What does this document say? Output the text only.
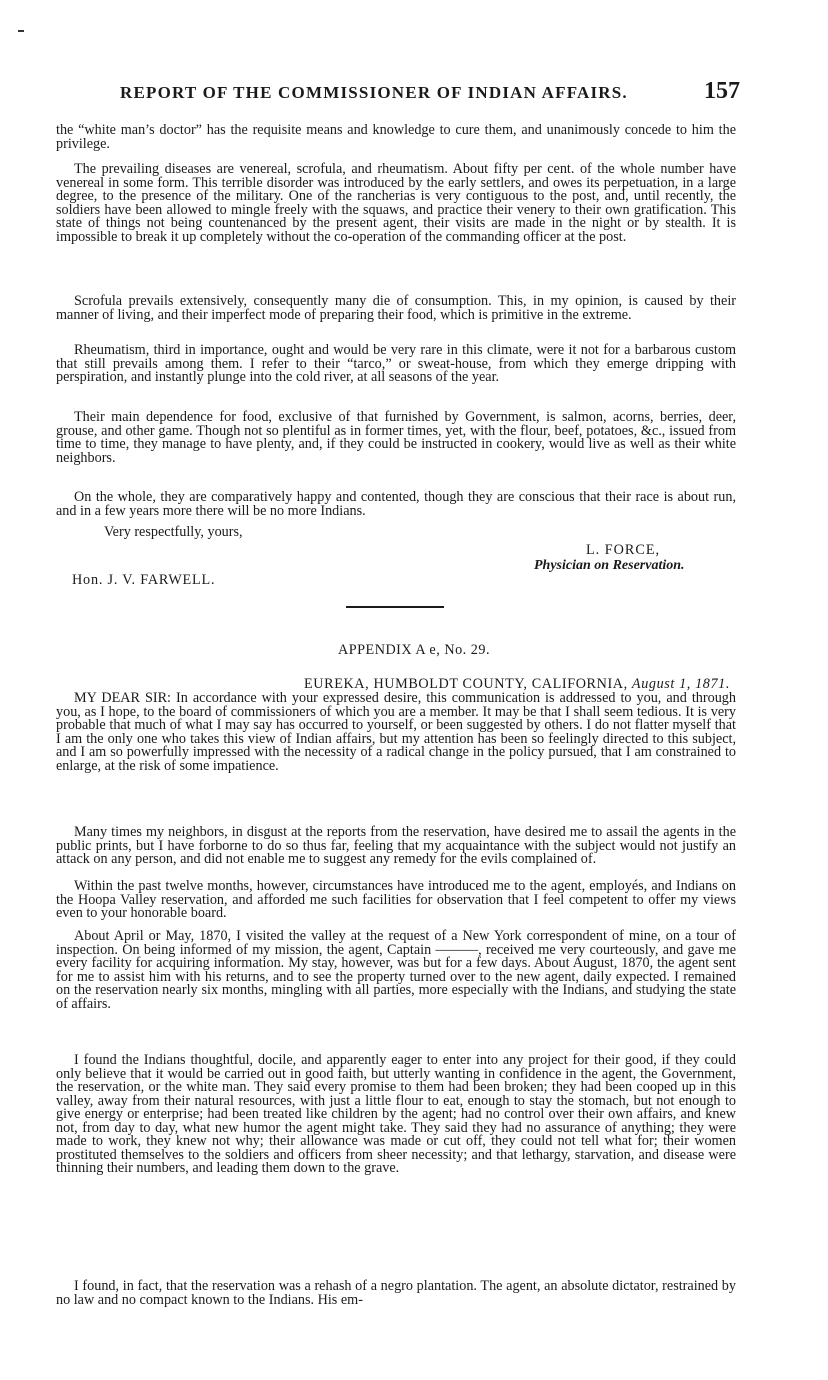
REPORT OF THE COMMISSIONER OF INDIAN AFFAIRS.	157

the “white man’s doctor” has the requisite means and knowledge to cure them, and unanimously concede to him the privilege.

The prevailing diseases are venereal, scrofula, and rheumatism. About fifty per cent. of the whole number have venereal in some form. This terrible disorder was introduced by the early settlers, and owes its perpetuation, in a large degree, to the presence of the military. One of the rancherias is very contiguous to the post, and, until recently, the soldiers have been allowed to mingle freely with the squaws, and practice their venery to their own gratification. This state of things not being countenanced by the present agent, their visits are made in the night or by stealth. It is impossible to break it up completely without the co-operation of the commanding officer at the post.

Scrofula prevails extensively, consequently many die of consumption. This, in my opinion, is caused by their manner of living, and their imperfect mode of preparing their food, which is primitive in the extreme.

Rheumatism, third in importance, ought and would be very rare in this climate, were it not for a barbarous custom that still prevails among them. I refer to their “tarco,” or sweat-house, from which they emerge dripping with perspiration, and instantly plunge into the cold river, at all seasons of the year.

Their main dependence for food, exclusive of that furnished by Government, is salmon, acorns, berries, deer, grouse, and other game. Though not so plentiful as in former times, yet, with the flour, beef, potatoes, &c., issued from time to time, they manage to have plenty, and, if they could be instructed in cookery, would live as well as their white neighbors.

On the whole, they are comparatively happy and contented, though they are conscious that their race is about run, and in a few years more there will be no more Indians.

Very respectfully, yours,
L. FORCE,
Physician on Reservation.
Hon. J. V. FARWELL.
APPENDIX A e, No. 29.
EUREKA, HUMBOLDT COUNTY, CALIFORNIA, August 1, 1871.

MY DEAR SIR: In accordance with your expressed desire, this communication is addressed to you, and through you, as I hope, to the board of commissioners of which you are a member. It may be that I shall seem tedious. It is very probable that much of what I may say has occurred to yourself, or been suggested by others. I do not flatter myself that I am the only one who takes this view of Indian affairs, but my attention has been so feelingly directed to this subject, and I am so powerfully impressed with the necessity of a radical change in the policy pursued, that I am constrained to enlarge, at the risk of some impatience.

Many times my neighbors, in disgust at the reports from the reservation, have desired me to assail the agents in the public prints, but I have forborne to do so thus far, feeling that my acquaintance with the subject would not justify an attack on any person, and did not enable me to suggest any remedy for the evils complained of.

Within the past twelve months, however, circumstances have introduced me to the agent, employés, and Indians on the Hoopa Valley reservation, and afforded me such facilities for observation that I feel competent to offer my views even to your honorable board.

About April or May, 1870, I visited the valley at the request of a New York correspondent of mine, on a tour of inspection. On being informed of my mission, the agent, Captain ———, received me very courteously, and gave me every facility for acquiring information. My stay, however, was but for a few days. About August, 1870, the agent sent for me to assist him with his returns, and to see the property turned over to the new agent, daily expected. I remained on the reservation nearly six months, mingling with all parties, more especially with the Indians, and studying the state of affairs.

I found the Indians thoughtful, docile, and apparently eager to enter into any project for their good, if they could only believe that it would be carried out in good faith, but utterly wanting in confidence in the agent, the Government, the reservation, or the white man. They said every promise to them had been broken; they had been cooped up in this valley, away from their natural resources, with just a little flour to eat, enough to stay the stomach, but not enough to give energy or enterprise; had been treated like children by the agent; had no control over their own affairs, and knew not, from day to day, what new humor the agent might take. They said they had no assurance of anything; they were made to work, they knew not why; their allowance was made or cut off, they could not tell what for; their women prostituted themselves to the soldiers and officers from sheer necessity; and that lethargy, starvation, and disease were thinning their numbers, and leading them down to the grave.

I found, in fact, that the reservation was a rehash of a negro plantation. The agent, an absolute dictator, restrained by no law and no compact known to the Indians. His em-
